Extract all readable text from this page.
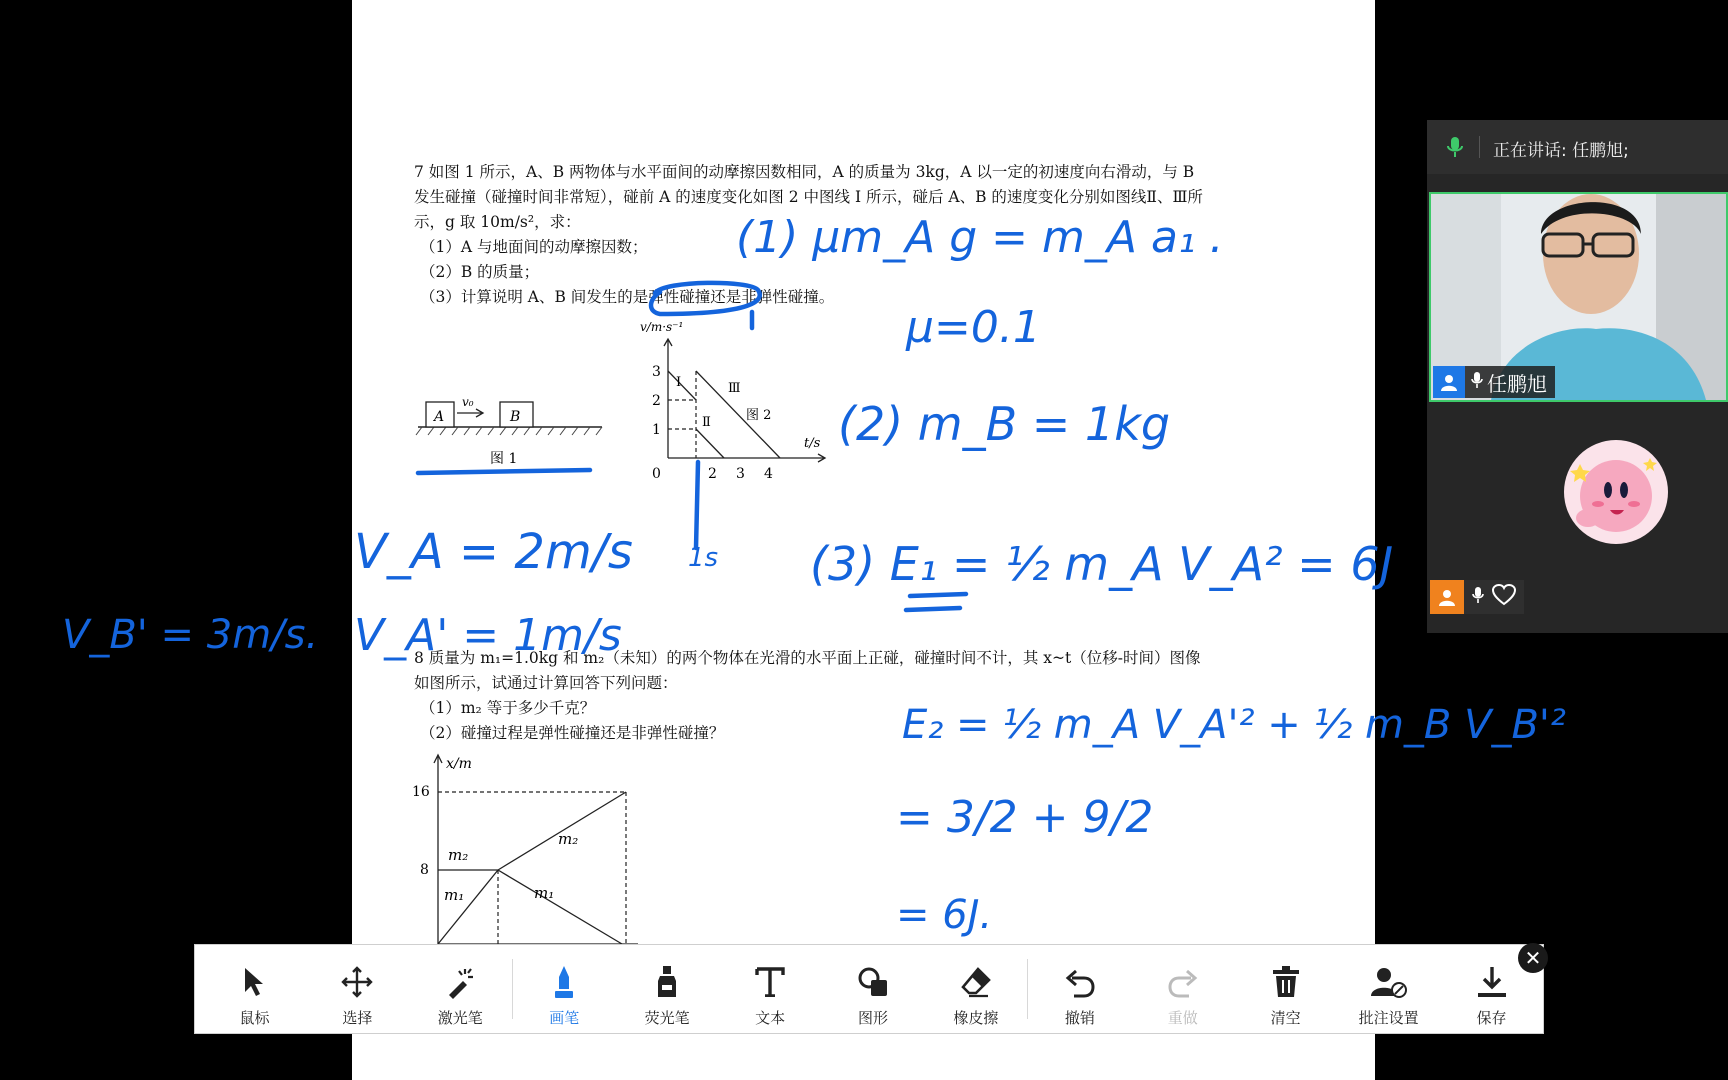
7 如图 1 所示，A、B 两物体与水平面间的动摩擦因数相同，A 的质量为 3kg，A 以一定的初速度向右滑动，与 B

发生碰撞（碰撞时间非常短），碰前 A 的速度变化如图 2 中图线 Ⅰ 所示，碰后 A、B 的速度变化分别如图线Ⅱ、Ⅲ所

示，g 取 10m/s²，求：

（1）A 与地面间的动摩擦因数；

（2）B 的质量；

（3）计算说明 A、B 间发生的是弹性碰撞还是非弹性碰撞。

A	B
v₀
图 1
v/m·s⁻¹
t/s
3
2
1
0	2 3 4
Ⅰ
Ⅱ
Ⅲ
图 2

8 质量为 m₁=1.0kg 和 m₂（未知）的两个物体在光滑的水平面上正碰，碰撞时间不计，其 x~t（位移-时间）图像

如图所示，试通过计算回答下列问题：

（1）m₂ 等于多少千克？

（2）碰撞过程是弹性碰撞还是非弹性碰撞？

x/m
16
8
m₂
m₁
m₂
m₁
(1) μm_A g = m_A a₁ .
μ=0.1
(2) m_B = 1kg
V_A = 2m/s
V_A' = 1m/s
V_B' = 3m/s.
1s (3) E₁ = ½ m_A V_A² = 6J
E₂ = ½ m_A V_A'² + ½ m_B V_B'²
= 3/2 + 9/2
= 6J.
正在讲话: 任鹏旭;
任鹏旭
鼠标	选择	激光笔	画笔	荧光笔	文本	图形	橡皮擦	撤销	重做	清空	批注设置	保存
✕
